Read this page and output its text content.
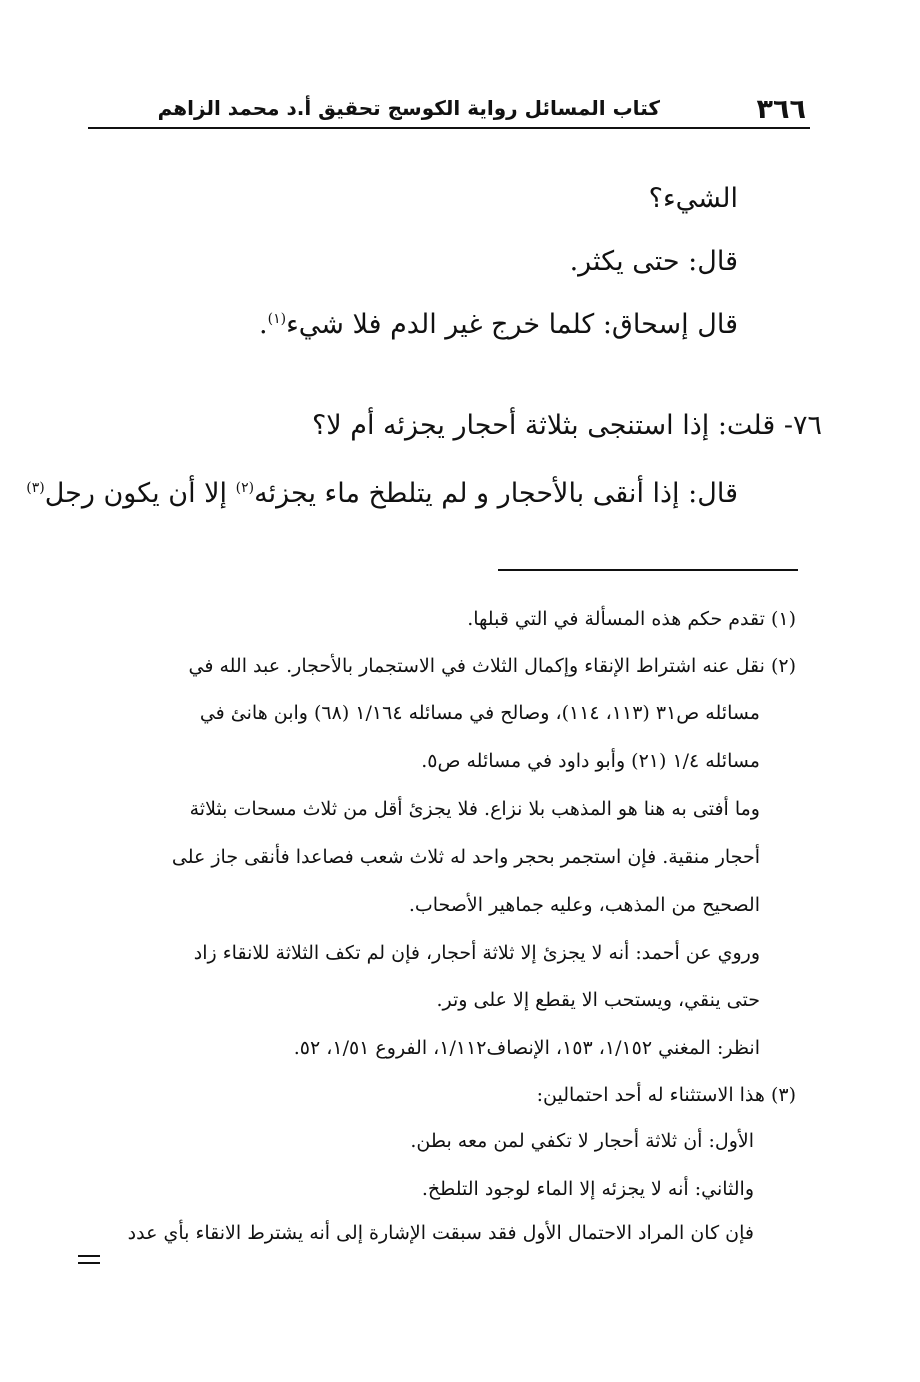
٣٦٦
كتاب المسائل رواية الكوسج تحقيق أ.د محمد الزاهم
الشيء؟
قال: حتى يكثر.
قال إسحاق: كلما خرج غير الدم فلا شيء$^{(١)}$.
٧٦- قلت: إذا استنجى بثلاثة أحجار يجزئه أم لا؟
قال: إذا أنقى بالأحجار و لم يتلطخ ماء يجزئه$^{(٢)}$ إلا أن يكون رجل$^{(٣)}$
(١) تقدم حكم هذه المسألة في التي قبلها.
(٢) نقل عنه اشتراط الإنقاء وإكمال الثلاث في الاستجمار بالأحجار. عبد الله في
مسائله ص٣١ (١١٣، ١١٤)، وصالح في مسائله ١/١٦٤ (٦٨) وابن هانئ في
مسائله ١/٤ (٢١) وأبو داود في مسائله ص٥.
وما أفتى به هنا هو المذهب بلا نزاع. فلا يجزئ أقل من ثلاث مسحات بثلاثة
أحجار منقية. فإن استجمر بحجر واحد له ثلاث شعب فصاعدا فأنقى جاز على
الصحيح من المذهب، وعليه جماهير الأصحاب.
وروي عن أحمد: أنه لا يجزئ إلا ثلاثة أحجار، فإن لم تكف الثلاثة للانقاء زاد
حتى ينقي، ويستحب الا يقطع إلا على وتر.
انظر: المغني ١/١٥٢، ١٥٣، الإنصاف١/١١٢، الفروع ١/٥١، ٥٢.
(٣) هذا الاستثناء له أحد احتمالين:
الأول: أن ثلاثة أحجار لا تكفي لمن معه بطن.
والثاني: أنه لا يجزئه إلا الماء لوجود التلطخ.
فإن كان المراد الاحتمال الأول فقد سبقت الإشارة إلى أنه يشترط الانقاء بأي عدد
